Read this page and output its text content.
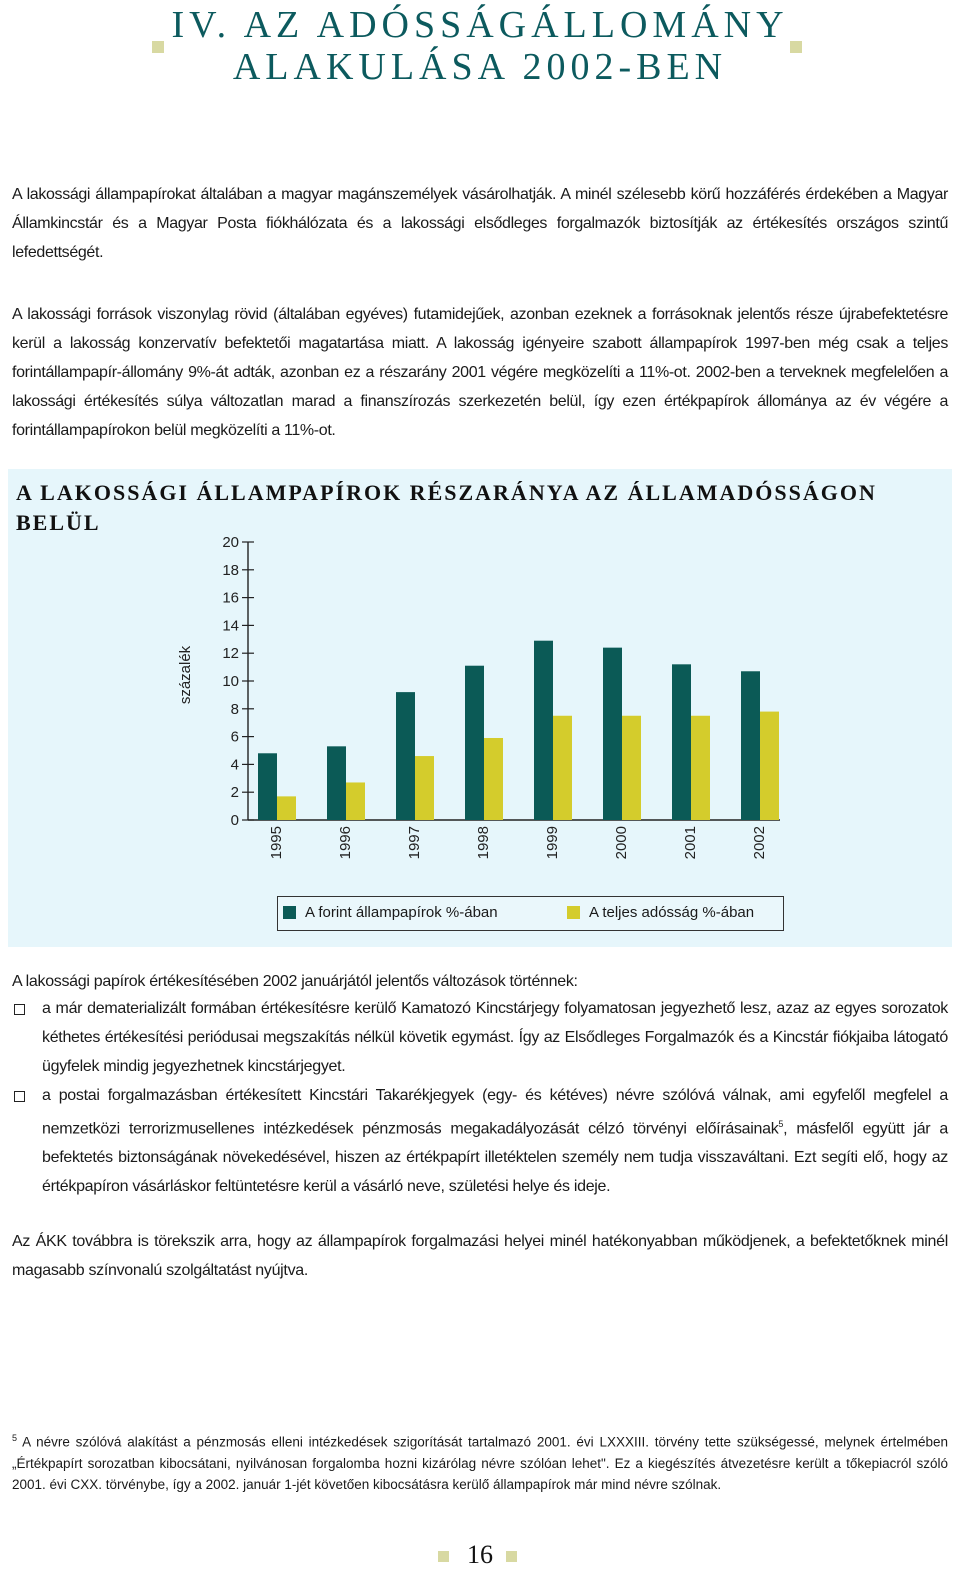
IV. AZ ADÓSSÁGÁLLOMÁNY
ALAKULÁSA 2002-BEN

A lakossági állampapírokat általában a magyar magánszemélyek vásárolhatják. A minél szélesebb körű hozzáférés érdekében a Magyar Államkincstár és a Magyar Posta fiókhálózata és a lakossági elsődleges forgalmazók biztosítják az értékesítés országos szintű lefedettségét.

A lakossági források viszonylag rövid (általában egyéves) futamidejűek, azonban ezeknek a forrásoknak jelentős része újrabefektetésre kerül a lakosság konzervatív befektetői magatartása miatt. A lakosság igényeire szabott állampapírok 1997-ben még csak a teljes forintállampapír-állomány 9%-át adták, azonban ez a részarány 2001 végére megközelíti a 11%-ot. 2002-ben a terveknek megfelelően a lakossági értékesítés súlya változatlan marad a finanszírozás szerkezetén belül, így ezen értékpapírok állománya az év végére a forintállampapírokon belül megközelíti a 11%-ot.

A LAKOSSÁGI ÁLLAMPAPÍROK RÉSZARÁNYA AZ ÁLLAMADÓSSÁGON BELÜL
0
2
4
6
8
10
12
14
16
18
20
százalék
1995	1996	1997	1998	1999	2000	2001	2002
A forint állampapírok %-ában	A teljes adósság %-ában

A lakossági papírok értékesítésében 2002 januárjától jelentős változások történnek:

a már dematerializált formában értékesítésre kerülő Kamatozó Kincstárjegy folyamatosan jegyezhető lesz, azaz az egyes sorozatok kéthetes értékesítési periódusai megszakítás nélkül követik egymást. Így az Elsődleges Forgalmazók és a Kincstár fiókjaiba látogató ügyfelek mindig jegyezhetnek kincstárjegyet.
a postai forgalmazásban értékesített Kincstári Takarékjegyek (egy- és kétéves) névre szólóvá válnak, ami egyfelől megfelel a nemzetközi terrorizmusellenes intézkedések pénzmosás megakadályozását célzó törvényi előírásainak$^5$, másfelől együtt jár a befektetés biztonságának növekedésével, hiszen az értékpapírt illetéktelen személy nem tudja visszaváltani. Ezt segíti elő, hogy az értékpapíron vásárláskor feltüntetésre kerül a vásárló neve, születési helye és ideje.

Az ÁKK továbbra is törekszik arra, hogy az állampapírok forgalmazási helyei minél hatékonyabban működjenek, a befektetőknek minél magasabb színvonalú szolgáltatást nyújtva.

$^5$ A névre szólóvá alakítást a pénzmosás elleni intézkedések szigorítását tartalmazó 2001. évi LXXXIII. törvény tette szükségessé, melynek értelmében „Értékpapírt sorozatban kibocsátani, nyilvánosan forgalomba hozni kizárólag névre szólóan lehet". Ez a kiegészítés átvezetésre került a tőkepiacról szóló 2001. évi CXX. törvénybe, így a 2002. január 1-jét követően kibocsátásra kerülő állampapírok már mind névre szólnak.

16
